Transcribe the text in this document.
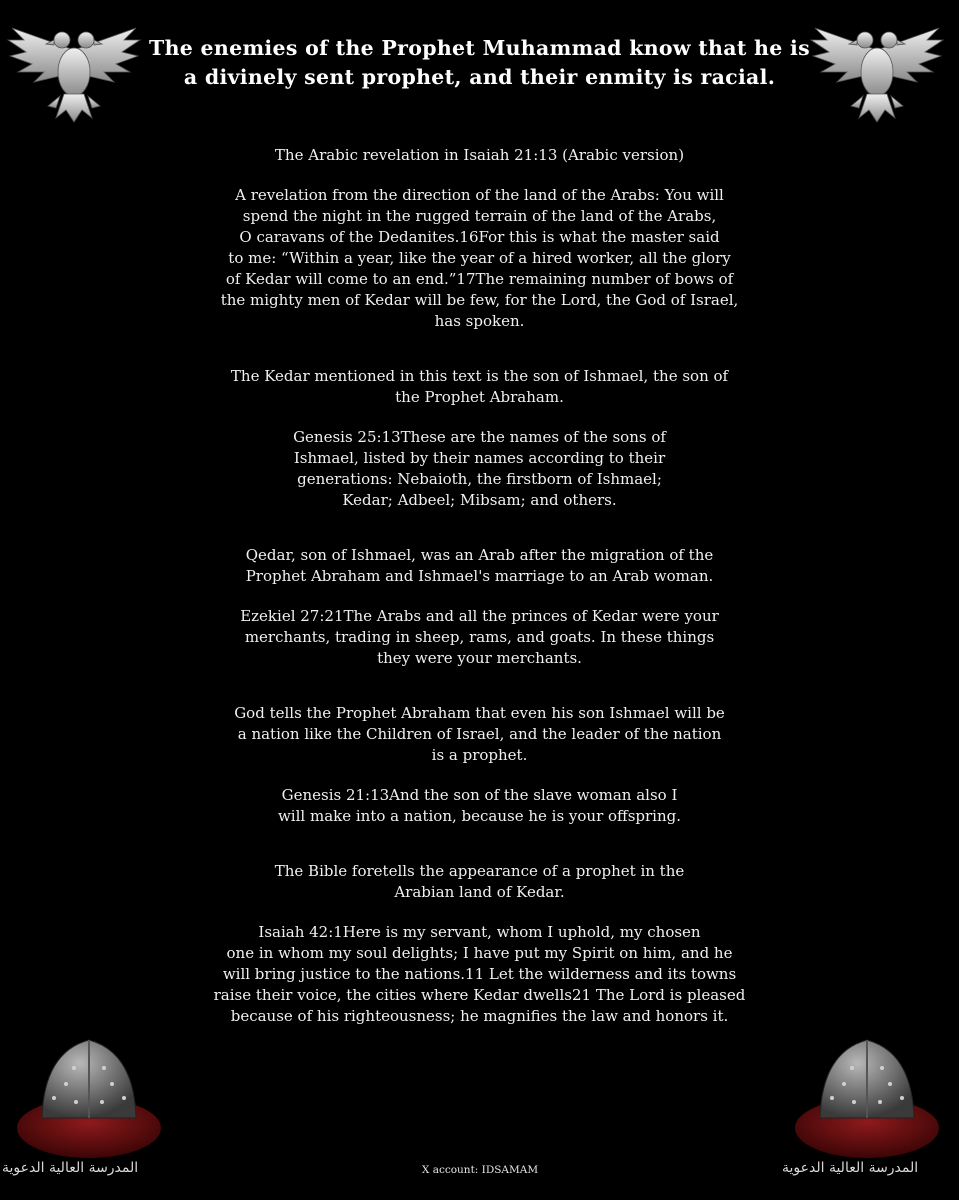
The enemies of the Prophet Muhammad know that he is
a divinely sent prophet, and their enmity is racial.

The Arabic revelation in Isaiah 21:13 (Arabic version)

A revelation from the direction of the land of the Arabs: You will
spend the night in the rugged terrain of the land of the Arabs,
O caravans of the Dedanites.16For this is what the master said
to me: “Within a year, like the year of a hired worker, all the glory
of Kedar will come to an end.”17The remaining number of bows of
the mighty men of Kedar will be few, for the Lord, the God of Israel,
has spoken.

The Kedar mentioned in this text is the son of Ishmael, the son of
the Prophet Abraham.

Genesis 25:13These are the names of the sons of
Ishmael, listed by their names according to their
generations: Nebaioth, the firstborn of Ishmael;
Kedar; Adbeel; Mibsam; and others.

Qedar, son of Ishmael, was an Arab after the migration of the
Prophet Abraham and Ishmael's marriage to an Arab woman.

Ezekiel 27:21The Arabs and all the princes of Kedar were your
merchants, trading in sheep, rams, and goats. In these things
they were your merchants.

God tells the Prophet Abraham that even his son Ishmael will be
a nation like the Children of Israel, and the leader of the nation
is a prophet.

Genesis 21:13And the son of the slave woman also I
will make into a nation, because he is your offspring.

The Bible foretells the appearance of a prophet in the
Arabian land of Kedar.

Isaiah 42:1Here is my servant, whom I uphold, my chosen
one in whom my soul delights; I have put my Spirit on him, and he
will bring justice to the nations.11 Let the wilderness and its towns
raise their voice, the cities where Kedar dwells21 The Lord is pleased
because of his righteousness; he magnifies the law and honors it.

المدرسة العالية الدعوية	المدرسة العالية الدعوية
X account: IDSAMAM
